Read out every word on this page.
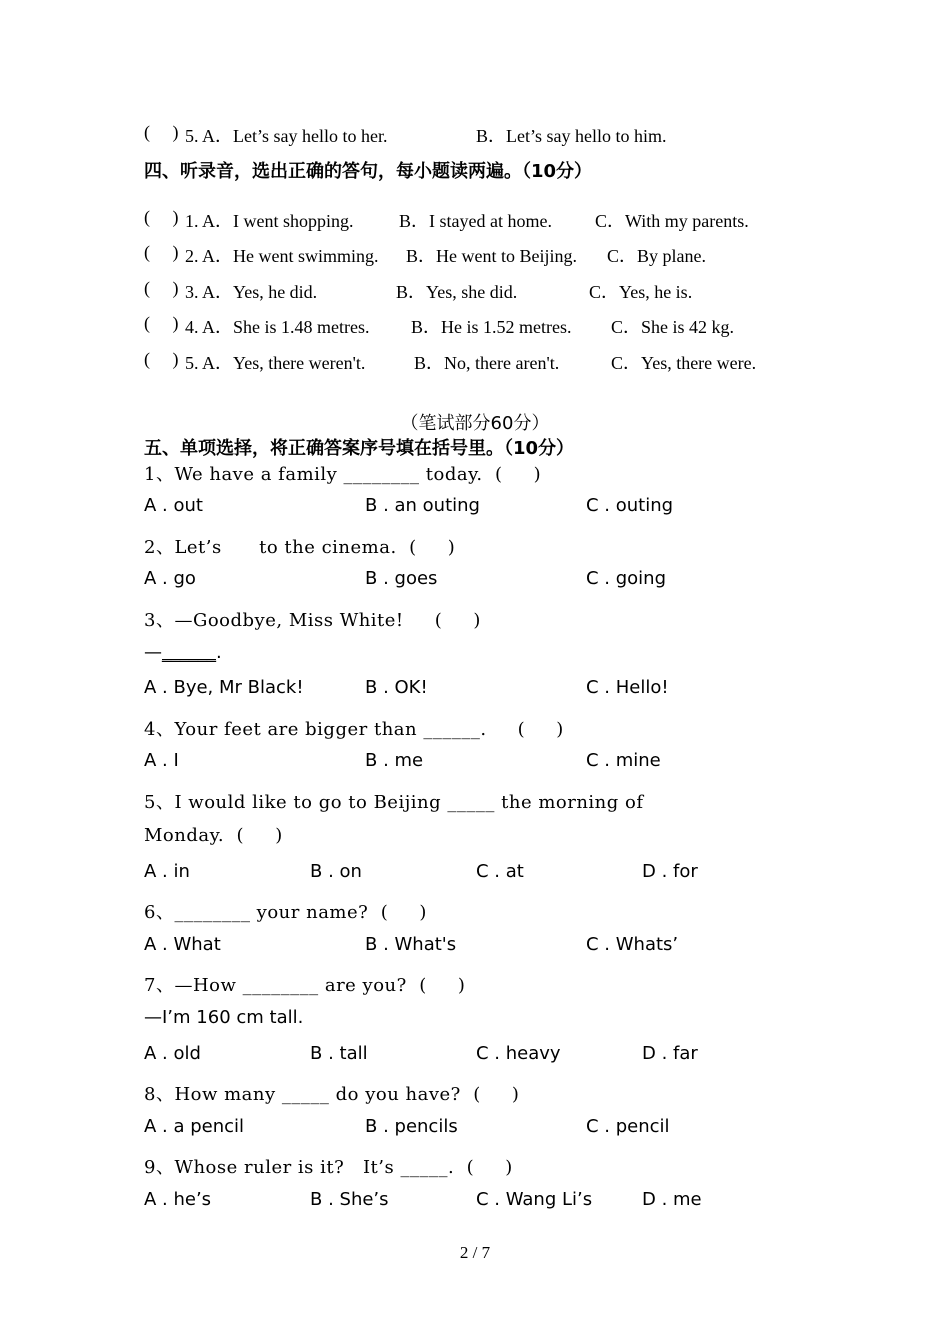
(     ) 5. A．Let’s say hello to her.	B．Let’s say hello to him.
四、听录音，选出正确的答句，每小题读两遍。（10分）
(     ) 1. A．I went shopping.	B．I stayed at home. C．With my parents.
(     ) 2. A．He went swimming. B．He went to Beijing. C．By plane.
(     ) 3. A．Yes, he did.	B．Yes, she did.	C．Yes, he is.
(     ) 4. A．She is 1.48 metres. B．He is 1.52 metres. C．She is 42 kg.
(     ) 5. A．Yes, there weren't.	B．No, there aren't.	C．Yes, there were.
（笔试部分60分）
五、单项选择，将正确答案序号填在括号里。（10分）
1、We have a family ________ today.  (     )
A . out	B . an outing	C . outing
2、Let’s      to the cinema.  (     )
A . go	B . goes	C . going
3、—Goodbye, Miss White!     (     )
—______.
A . Bye, Mr Black!	B . OK!	C . Hello!
4、Your feet are bigger than ______.     (     )
A . I	B . me	C . mine
5、I would like to go to Beijing _____ the morning of
Monday.  (     )
A . in	B . on	C . at	D . for
6、________ your name?  (     )
A . What	B . What's	C . Whats’
7、—How ________ are you?  (     )
—I’m 160 cm tall.
A . old	B . tall	C . heavy	D . far
8、How many _____ do you have?  (     )
A . a pencil	B . pencils	C . pencil
9、Whose ruler is it?   It’s _____.  (     )
A . he’s	B . She’s	C . Wang Li’s	D . me
2 / 7
